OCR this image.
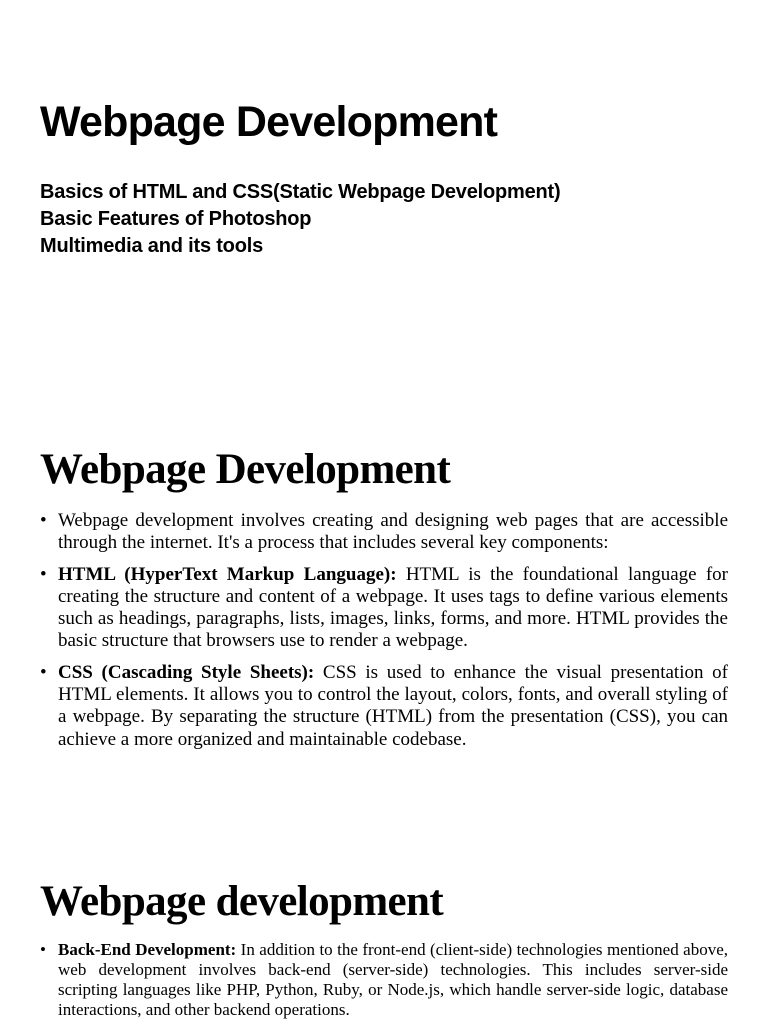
Webpage Development
Basics of HTML and CSS(Static Webpage Development)
Basic Features of Photoshop
Multimedia and its tools
Webpage Development
• Webpage development involves creating and designing web pages that are accessible through the internet. It's a process that includes several key components:
• HTML (HyperText Markup Language): HTML is the foundational language for creating the structure and content of a webpage. It uses tags to define various elements such as headings, paragraphs, lists, images, links, forms, and more. HTML provides the basic structure that browsers use to render a webpage.
• CSS (Cascading Style Sheets): CSS is used to enhance the visual presentation of HTML elements. It allows you to control the layout, colors, fonts, and overall styling of a webpage. By separating the structure (HTML) from the presentation (CSS), you can achieve a more organized and maintainable codebase.
Webpage development
• Back-End Development: In addition to the front-end (client-side) technologies mentioned above, web development involves back-end (server-side) technologies. This includes server-side scripting languages like PHP, Python, Ruby, or Node.js, which handle server-side logic, database interactions, and other backend operations.
